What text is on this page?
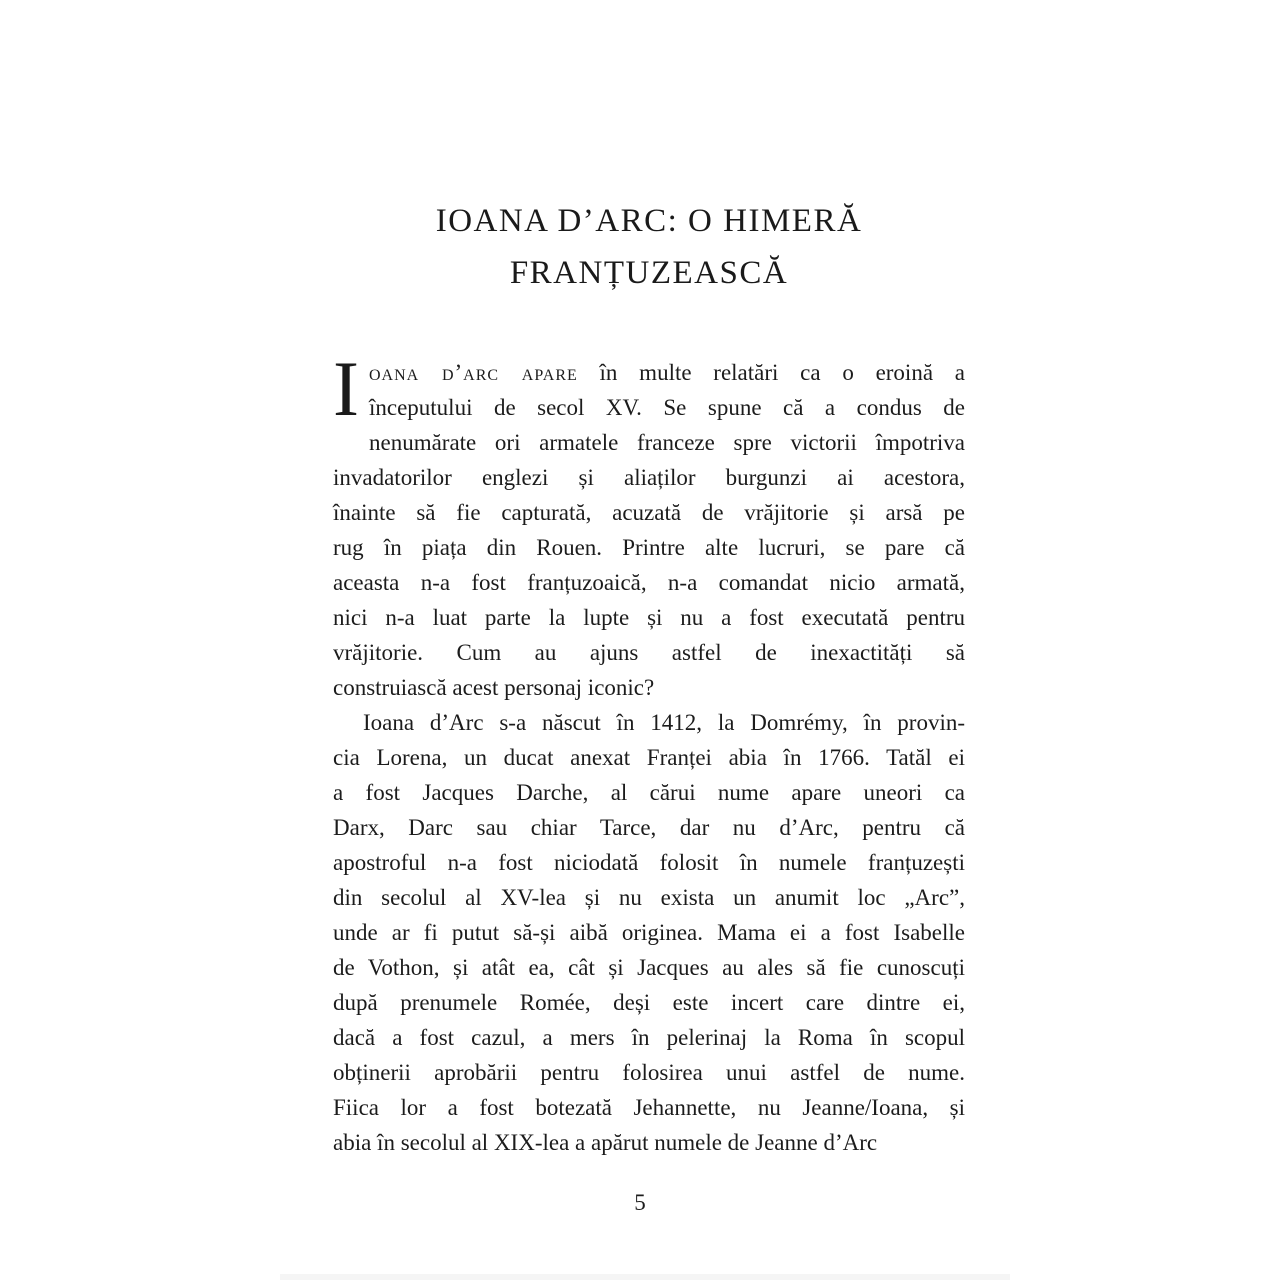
IOANA D’ARC: O HIMERĂ
FRANȚUZEASCĂ
I oana d’arc apare în multe relatări ca o eroină a
începutului de secol XV. Se spune că a condus de
nenumărate ori armatele franceze spre victorii împotriva
invadatorilor englezi și aliaților burgunzi ai acestora,
înainte să fie capturată, acuzată de vrăjitorie și arsă pe
rug în piața din Rouen. Printre alte lucruri, se pare că
aceasta n-a fost franțuzoaică, n-a comandat nicio armată,
nici n-a luat parte la lupte și nu a fost executată pentru
vrăjitorie. Cum au ajuns astfel de inexactități să
construiască acest personaj iconic?
Ioana d’Arc s-a născut în 1412, la Domrémy, în provin-
cia Lorena, un ducat anexat Franței abia în 1766. Tatăl ei
a fost Jacques Darche, al cărui nume apare uneori ca
Darx, Darc sau chiar Tarce, dar nu d’Arc, pentru că
apostroful n-a fost niciodată folosit în numele franțuzești
din secolul al XV-lea și nu exista un anumit loc „Arc”,
unde ar fi putut să-și aibă originea. Mama ei a fost Isabelle
de Vothon, și atât ea, cât și Jacques au ales să fie cunoscuți
după prenumele Romée, deși este incert care dintre ei,
dacă a fost cazul, a mers în pelerinaj la Roma în scopul
obținerii aprobării pentru folosirea unui astfel de nume.
Fiica lor a fost botezată Jehannette, nu Jeanne/Ioana, și
abia în secolul al XIX-lea a apărut numele de Jeanne d’Arc
5
